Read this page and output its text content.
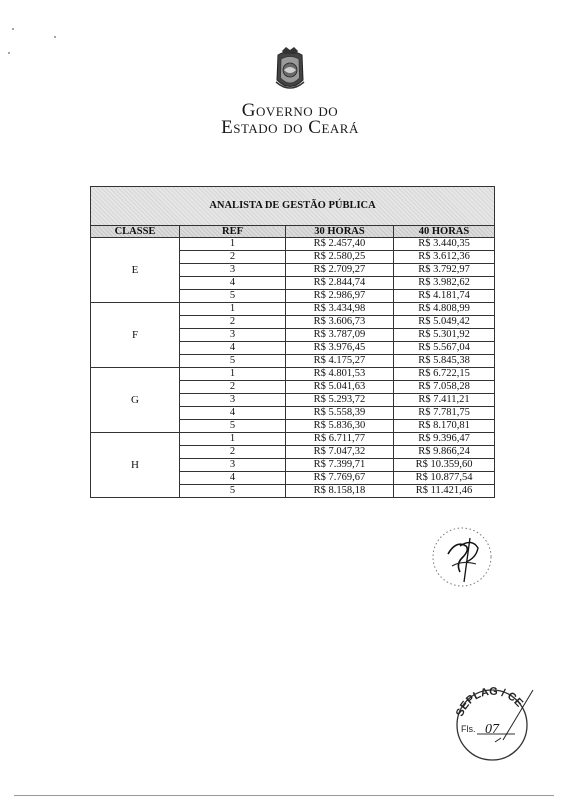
Governo do
Estado do Ceará
ANALISTA DE GESTÃO PÚBLICA			
CLASSE	REF	30 HORAS	40 HORAS
E	1	R$ 2.457,40	R$ 3.440,35
	2	R$ 2.580,25	R$ 3.612,36
	3	R$ 2.709,27	R$ 3.792,97
	4	R$ 2.844,74	R$ 3.982,62
	5	R$ 2.986,97	R$ 4.181,74
F	1	R$ 3.434,98	R$ 4.808,99
	2	R$ 3.606,73	R$ 5.049,42
	3	R$ 3.787,09	R$ 5.301,92
	4	R$ 3.976,45	R$ 5.567,04
	5	R$ 4.175,27	R$ 5.845,38
G	1	R$ 4.801,53	R$ 6.722,15
	2	R$ 5.041,63	R$ 7.058,28
	3	R$ 5.293,72	R$ 7.411,21
	4	R$ 5.558,39	R$ 7.781,75
	5	R$ 5.836,30	R$ 8.170,81
H	1	R$ 6.711,77	R$ 9.396,47
	2	R$ 7.047,32	R$ 9.866,24
	3	R$ 7.399,71	R$ 10.359,60
	4	R$ 7.769,67	R$ 10.877,54
	5	R$ 8.158,18	R$ 11.421,46
SEPLAG / CE
Fls. 07
